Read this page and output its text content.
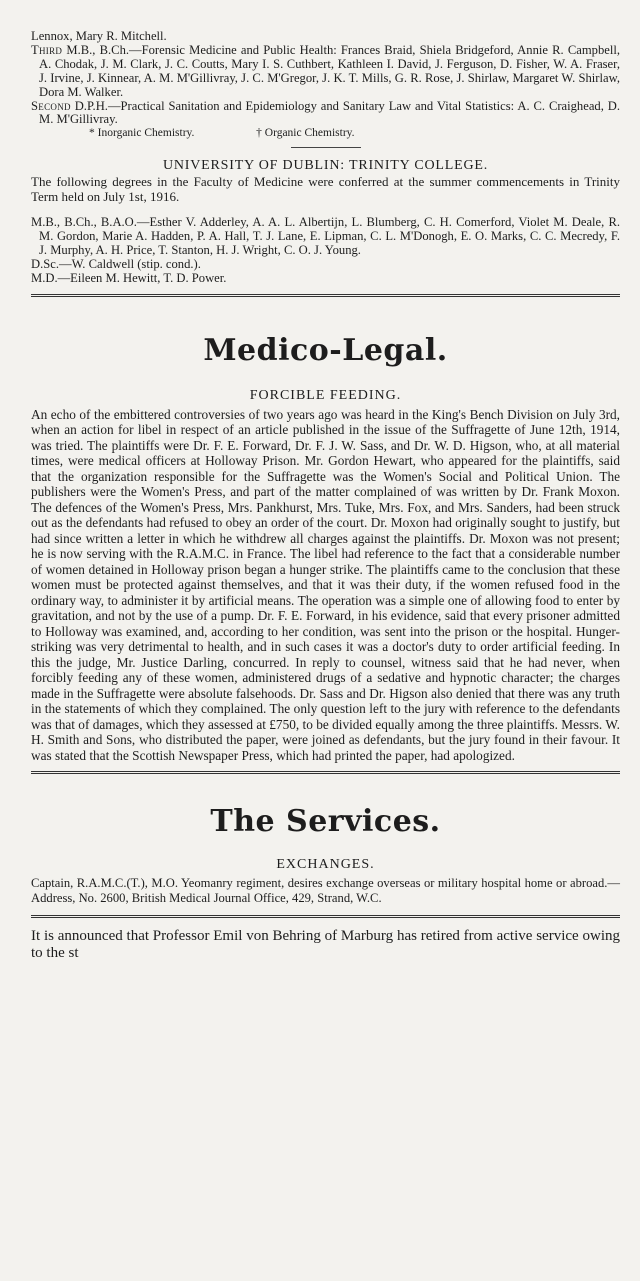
Lennox, Mary R. Mitchell.

Third M.B., B.Ch.—Forensic Medicine and Public Health: Frances Braid, Shiela Bridgeford, Annie R. Campbell, A. Chodak, J. M. Clark, J. C. Coutts, Mary I. S. Cuthbert, Kathleen I. David, J. Ferguson, D. Fisher, W. A. Fraser, J. Irvine, J. Kinnear, A. M. M'Gillivray, J. C. M'Gregor, J. K. T. Mills, G. R. Rose, J. Shirlaw, Margaret W. Shirlaw, Dora M. Walker.

Second D.P.H.—Practical Sanitation and Epidemiology and Sanitary Law and Vital Statistics: A. C. Craighead, D. M. M'Gillivray.

* Inorganic Chemistry.	† Organic Chemistry.

UNIVERSITY OF DUBLIN: TRINITY COLLEGE.

The following degrees in the Faculty of Medicine were conferred at the summer commencements in Trinity Term held on July 1st, 1916.

M.B., B.Ch., B.A.O.—Esther V. Adderley, A. A. L. Albertijn, L. Blumberg, C. H. Comerford, Violet M. Deale, R. M. Gordon, Marie A. Hadden, P. A. Hall, T. J. Lane, E. Lipman, C. L. M'Donogh, E. O. Marks, C. C. Mecredy, F. J. Murphy, A. H. Price, T. Stanton, H. J. Wright, C. O. J. Young.

D.Sc.—W. Caldwell (stip. cond.).

M.D.—Eileen M. Hewitt, T. D. Power.

Medico-Legal.

FORCIBLE FEEDING.

An echo of the embittered controversies of two years ago was heard in the King's Bench Division on July 3rd, when an action for libel in respect of an article published in the issue of the Suffragette of June 12th, 1914, was tried. The plaintiffs were Dr. F. E. Forward, Dr. F. J. W. Sass, and Dr. W. D. Higson, who, at all material times, were medical officers at Holloway Prison. Mr. Gordon Hewart, who appeared for the plaintiffs, said that the organization responsible for the Suffragette was the Women's Social and Political Union. The publishers were the Women's Press, and part of the matter complained of was written by Dr. Frank Moxon. The defences of the Women's Press, Mrs. Pankhurst, Mrs. Tuke, Mrs. Fox, and Mrs. Sanders, had been struck out as the defendants had refused to obey an order of the court. Dr. Moxon had originally sought to justify, but had since written a letter in which he withdrew all charges against the plaintiffs. Dr. Moxon was not present; he is now serving with the R.A.M.C. in France. The libel had reference to the fact that a considerable number of women detained in Holloway prison began a hunger strike. The plaintiffs came to the conclusion that these women must be protected against themselves, and that it was their duty, if the women refused food in the ordinary way, to administer it by artificial means. The operation was a simple one of allowing food to enter by gravitation, and not by the use of a pump. Dr. F. E. Forward, in his evidence, said that every prisoner admitted to Holloway was examined, and, according to her condition, was sent into the prison or the hospital. Hunger-striking was very detrimental to health, and in such cases it was a doctor's duty to order artificial feeding. In this the judge, Mr. Justice Darling, concurred. In reply to counsel, witness said that he had never, when forcibly feeding any of these women, administered drugs of a sedative and hypnotic character; the charges made in the Suffragette were absolute falsehoods. Dr. Sass and Dr. Higson also denied that there was any truth in the statements of which they complained. The only question left to the jury with reference to the defendants was that of damages, which they assessed at £750, to be divided equally among the three plaintiffs. Messrs. W. H. Smith and Sons, who distributed the paper, were joined as defendants, but the jury found in their favour. It was stated that the Scottish Newspaper Press, which had printed the paper, had apologized.

The Services.

EXCHANGES.

Captain, R.A.M.C.(T.), M.O. Yeomanry regiment, desires exchange overseas or military hospital home or abroad.—Address, No. 2600, British Medical Journal Office, 429, Strand, W.C.

It is announced that Professor Emil von Behring of Marburg has retired from active service owing to the st
